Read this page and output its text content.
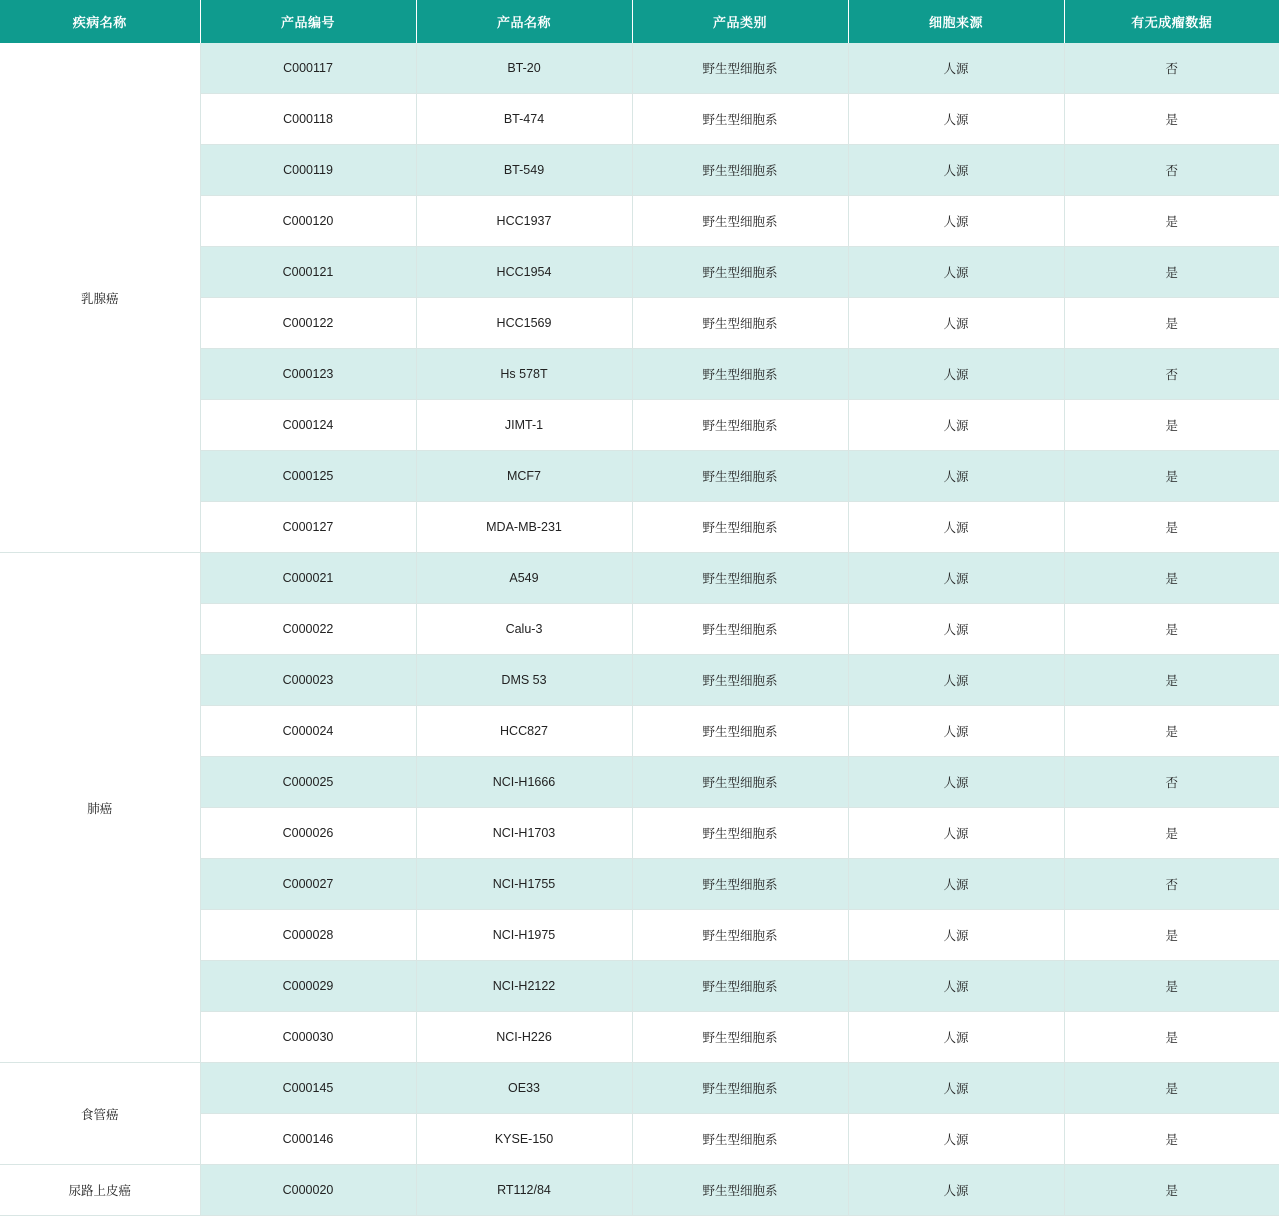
疾病名称	产品编号	产品名称	产品类别	细胞来源	有无成瘤数据
乳腺癌	C000117	BT-20	野生型细胞系	人源	否
	C000118	BT-474	野生型细胞系	人源	是
	C000119	BT-549	野生型细胞系	人源	否
	C000120	HCC1937	野生型细胞系	人源	是
	C000121	HCC1954	野生型细胞系	人源	是
	C000122	HCC1569	野生型细胞系	人源	是
	C000123	Hs 578T	野生型细胞系	人源	否
	C000124	JIMT-1	野生型细胞系	人源	是
	C000125	MCF7	野生型细胞系	人源	是
	C000127	MDA-MB-231	野生型细胞系	人源	是
肺癌	C000021	A549	野生型细胞系	人源	是
	C000022	Calu-3	野生型细胞系	人源	是
	C000023	DMS 53	野生型细胞系	人源	是
	C000024	HCC827	野生型细胞系	人源	是
	C000025	NCI-H1666	野生型细胞系	人源	否
	C000026	NCI-H1703	野生型细胞系	人源	是
	C000027	NCI-H1755	野生型细胞系	人源	否
	C000028	NCI-H1975	野生型细胞系	人源	是
	C000029	NCI-H2122	野生型细胞系	人源	是
	C000030	NCI-H226	野生型细胞系	人源	是
食管癌	C000145	OE33	野生型细胞系	人源	是
	C000146	KYSE-150	野生型细胞系	人源	是
尿路上皮癌	C000020	RT112/84	野生型细胞系	人源	是
